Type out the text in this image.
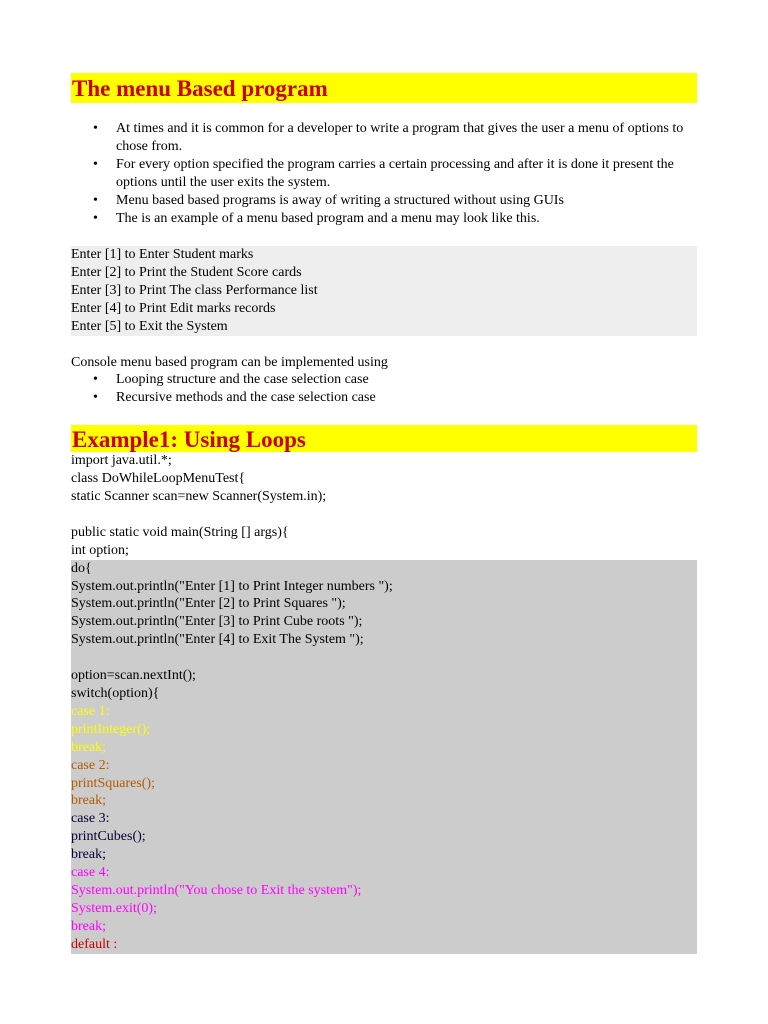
The menu Based program
• At times and it is common for a developer to write a program that gives the user a menu of options to chose from.
• For every option specified the program carries a certain processing and after it is done it present the options until the user exits the system.
• Menu based based programs is away of writing a structured without using GUIs
• The is an example of a menu based program and a menu may look like this.
Enter [1] to Enter Student marks
Enter [2] to Print the Student Score cards
Enter [3] to Print The class Performance list
Enter [4] to Print Edit marks records
Enter [5] to Exit the System
Console menu based program can be implemented using
• Looping structure and the case selection case
• Recursive methods and the case selection case
Example1: Using Loops
import java.util.*;
class DoWhileLoopMenuTest{
static Scanner scan=new Scanner(System.in);
public static void main(String [] args){
int option;
do{
System.out.println("Enter [1] to Print Integer numbers ");
System.out.println("Enter [2] to Print Squares ");
System.out.println("Enter [3] to Print Cube roots ");
System.out.println("Enter [4] to Exit The System ");
option=scan.nextInt();
switch(option){
case 1:
printInteger();
break;
case 2:
printSquares();
break;
case 3:
printCubes();
break;
case 4:
System.out.println("You chose to Exit the system");
System.exit(0);
break;
default :
